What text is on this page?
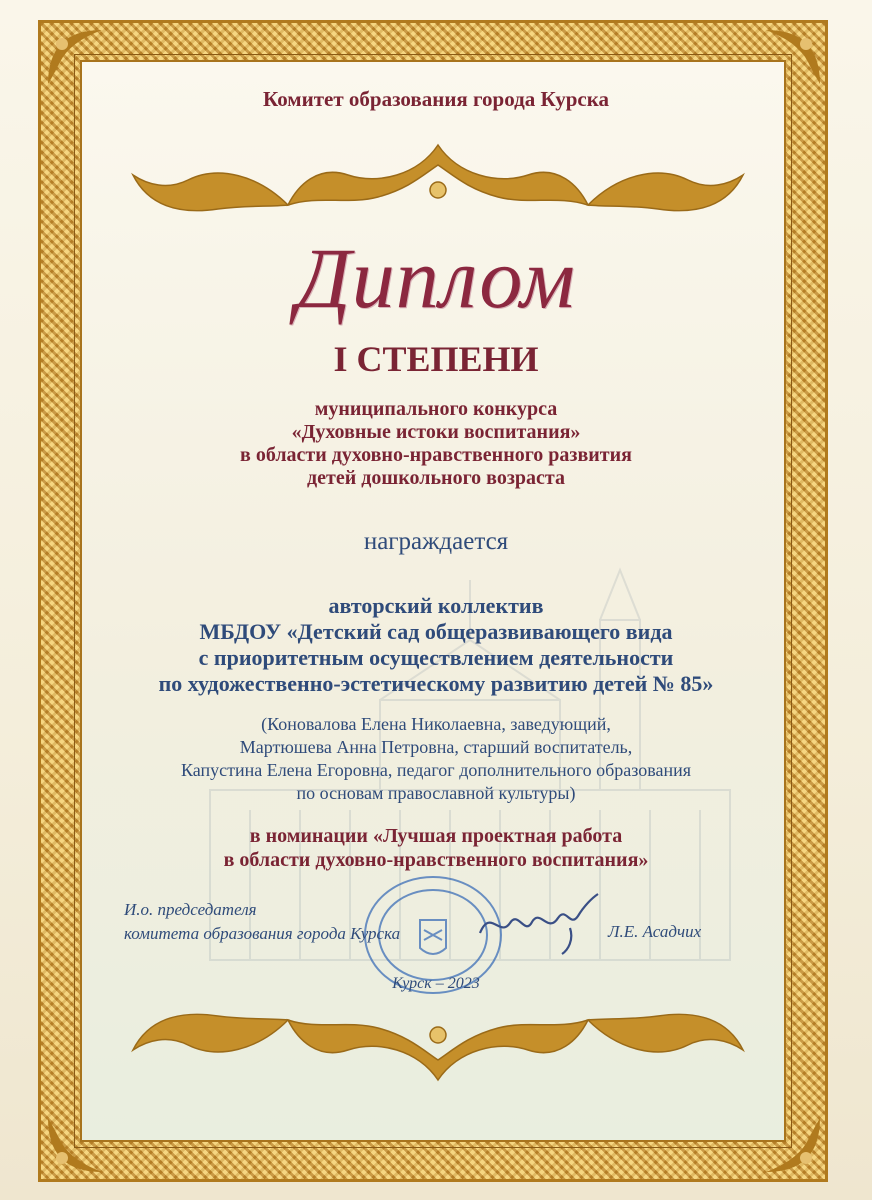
Комитет образования города Курска
Диплом
I СТЕПЕНИ
муниципального конкурса
«Духовные истоки воспитания»
в области духовно-нравственного развития
детей дошкольного возраста
награждается
авторский коллектив
МБДОУ «Детский сад общеразвивающего вида
с приоритетным осуществлением деятельности
по художественно-эстетическому развитию детей № 85»
(Коновалова Елена Николаевна, заведующий,
Мартюшева Анна Петровна, старший воспитатель,
Капустина Елена Егоровна, педагог дополнительного образования
по основам православной культуры)
в номинации «Лучшая проектная работа
в области духовно-нравственного воспитания»
И.о. председателя
комитета образования города Курска	Л.Е. Асадчих
Курск – 2023
